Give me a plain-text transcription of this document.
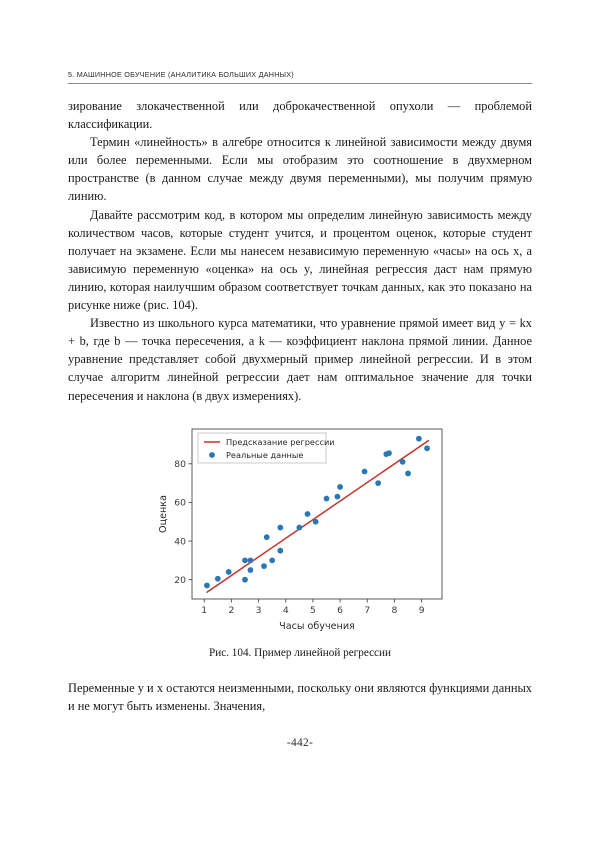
5. МАШИННОЕ ОБУЧЕНИЕ (АНАЛИТИКА БОЛЬШИХ ДАННЫХ)

зирование злокачественной или доброкачественной опухоли — проблемой классификации.

Термин «линейность» в алгебре относится к линейной зависимости между двумя или более переменными. Если мы отобразим это соотношение в двухмерном пространстве (в данном случае между двумя переменными), мы получим прямую линию.

Давайте рассмотрим код, в котором мы определим линейную зависимость между количеством часов, которые студент учится, и процентом оценок, которые студент получает на экзамене. Если мы нанесем независимую переменную «часы» на ось x, а зависимую переменную «оценка» на ось y, линейная регрессия даст нам прямую линию, которая наилучшим образом соответствует точкам данных, как это показано на рисунке ниже (рис. 104).

Известно из школьного курса математики, что уравнение прямой имеет вид y = kx + b, где b — точка пересечения, а k — коэффициент наклона прямой линии. Данное уравнение представляет собой двухмерный пример линейной регрессии. И в этом случае алгоритм линейной регрессии дает нам оптимальное значение для точки пересечения и наклона (в двух измерениях).

1 2 3 4 5 6 7 8 9
20
40
60
80
Часы обучения
Оценка
Предсказание регрессии
Реальные данные
Рис. 104. Пример линейной регрессии

Переменные y и x остаются неизменными, поскольку они являются функциями данных и не могут быть изменены. Значения,

-442-
